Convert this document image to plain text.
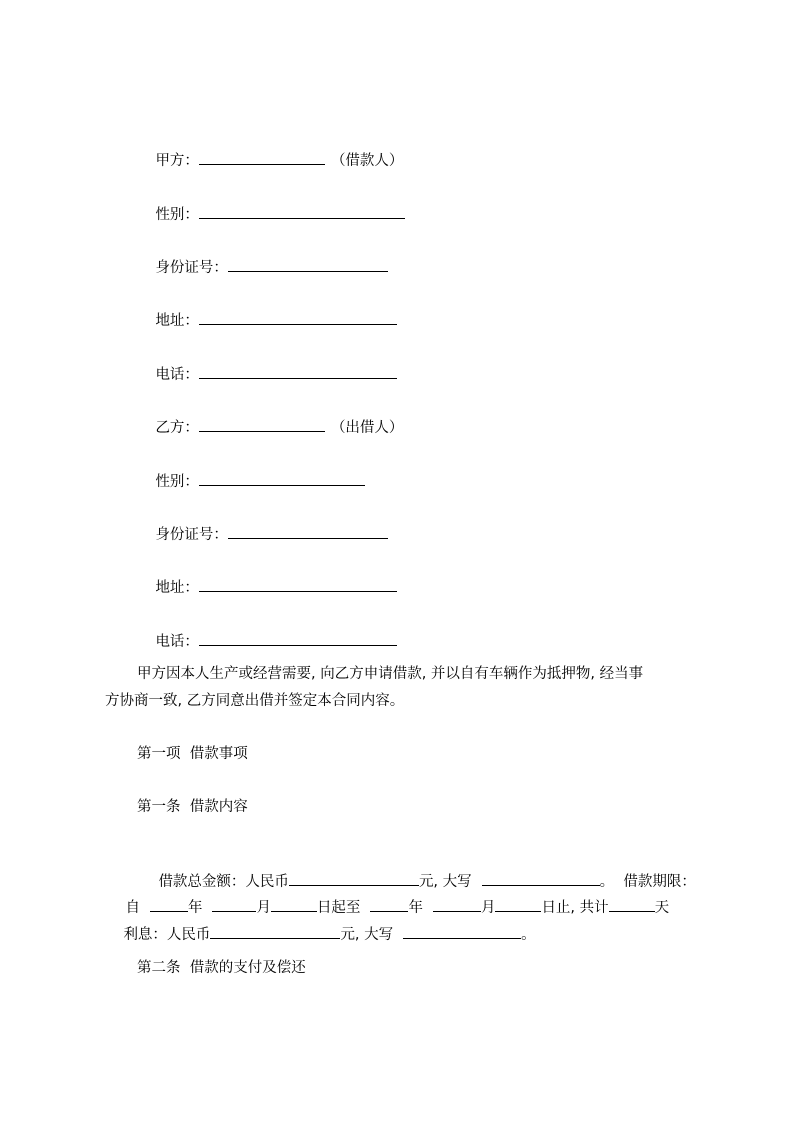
甲方：	（借款人）

性别：

身份证号：

地址：

电话：

乙方：	（出借人）

性别：

身份证号：

地址：

电话：

甲方因本人生产或经营需要, 向乙方申请借款, 并以自有车辆作为抵押物, 经当事
方协商一致, 乙方同意出借并签定本合同内容。
第一项  借款事项
第一条  借款内容

借款总金额：人民币	元, 大写	。  借款期限：

自	年	月	日起至	年	月	日止, 共计	天

利息：人民币	元, 大写	。

第二条  借款的支付及偿还
